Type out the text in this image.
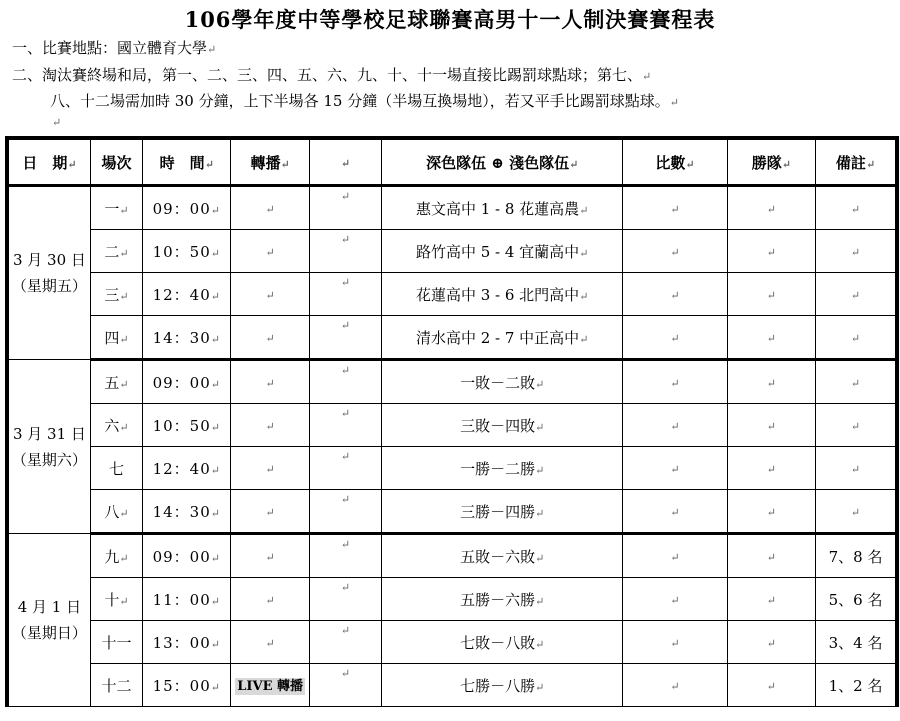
106學年度中等學校足球聯賽高男十一人制決賽賽程表
一、比賽地點：國立體育大學↵
二、淘汰賽終場和局，第一、二、三、四、五、六、九、十、十一場直接比踢罰球點球；第七、↵
八、十二場需加時 30 分鐘，上下半場各 15 分鐘（半場互換場地），若又平手比踢罰球點球。↵
↵
日　期↵	場次	時　間↵	轉播↵	↵	深色隊伍 ⊕ 淺色隊伍↵	比數↵	勝隊↵	備註↵
3 月 30 日
（星期五）	一↵	09：00↵	↵	↵	惠文高中 1 - 8 花蓮高農↵	↵	↵	↵
	二↵	10：50↵	↵	↵	路竹高中 5 - 4 宜蘭高中↵	↵	↵	↵
	三↵	12：40↵	↵	↵	花蓮高中 3 - 6 北門高中↵	↵	↵	↵
	四↵	14：30↵	↵	↵	清水高中 2 - 7 中正高中↵	↵	↵	↵
3 月 31 日
（星期六）	五↵	09：00↵	↵	↵	一敗－二敗↵	↵	↵	↵
	六↵	10：50↵	↵	↵	三敗－四敗↵	↵	↵	↵
	七	12：40↵	↵	↵	一勝－二勝↵	↵	↵	↵
	八↵	14：30↵	↵	↵	三勝－四勝↵	↵	↵	↵
4 月 1 日
（星期日）	九↵	09：00↵	↵	↵	五敗－六敗↵	↵	↵	7、8 名
	十↵	11：00↵	↵	↵	五勝－六勝↵	↵	↵	5、6 名
	十一	13：00↵	↵	↵	七敗－八敗↵	↵	↵	3、4 名
	十二	15：00↵	LIVE 轉播	↵	七勝－八勝↵	↵	↵	1、2 名
